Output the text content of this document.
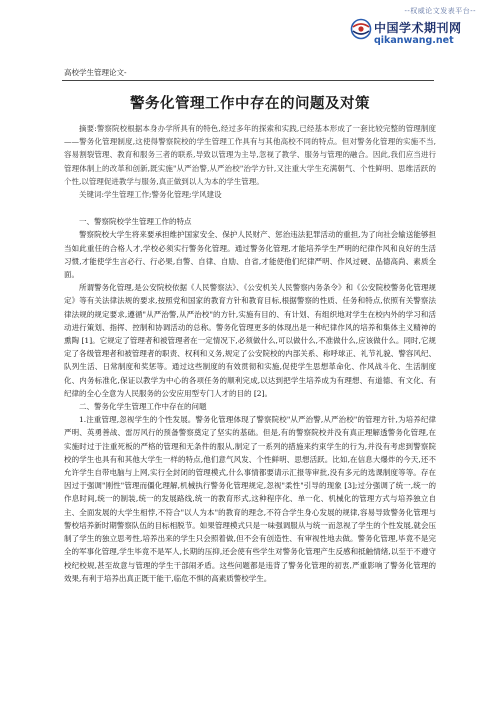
--权威论文发表平台--
中国学术期刊网
qikanwang.net
高校学生管理论文-
警务化管理工作中存在的问题及对策

摘要:警察院校根据本身办学所具有的特色,经过多年的探索和实践,已经基本形成了一套比较完整的管理制度——警务化管理制度,这使得警察院校的学生管理工作具有与其他高校不同的特点。但对警务化管理的实施不当,容易割裂管理、教育和服务三者的联系,导致以管理为主导,忽视了教学、服务与管理的融合。因此,我们应当进行管理体制上的改革和创新,既实施"从严治警,从严治校"治学方针,又注重大学生充满朝气、个性鲜明、思维活跃的个性,以管理促进教学与服务,真正做到以人为本的学生管理。

关键词:学生管理工作;警务化管理;学风建设

一、警察院校学生管理工作的特点

警察院校大学生将来要承担维护国家安全、保护人民财产、惩治违法犯罪活动的重担,为了向社会输送能够担当如此重任的合格人才,学校必须实行警务化管理。通过警务化管理,才能培养学生严明的纪律作风和良好的生活习惯,才能使学生言必行、行必果,自警、自律、自励、自省,才能使他们纪律严明、作风过硬、品德高尚、素质全面。

所谓警务化管理,是公安院校依据《人民警察法》、《公安机关人民警察内务条令》和《公安院校警务化管理规定》等有关法律法规的要求,按照党和国家的教育方针和教育目标,根据警察的性质、任务和特点,依照有关警察法律法规的规定要求,遵循"从严治警,从严治校"的方针,实施有目的、有计划、有组织地对学生在校内外的学习和活动进行策划、指挥、控制和协调活动的总称。警务化管理更多的体现出是一种纪律作风的培养和集体主义精神的熏陶 [1]。它规定了管理者和被管理者在一定情况下,必须做什么,可以做什么,不准做什么,应该做什么。同时,它规定了各级管理者和被管理者的职责、权利和义务,规定了公安院校的内部关系、称呼球正、礼节礼貌、警容风纪、队列生活、日常制度和奖惩等。通过这些制度的有效贯彻和实施,促使学生思想革命化、作风战斗化、生活制度化、内务标准化,保证以教学为中心的各项任务的顺利完成,以达到把学生培养成为有理想、有道德、有文化、有纪律的全心全意为人民服务的公安应用型专门人才的目的 [2]。

二、警务化学生管理工作中存在的问题

1.注重管理,忽视学生的个性发展。警务化管理体现了警察院校"从严治警,从严治校"的管理方针,为培养纪律严明、英勇善战、雷厉风行的预备警察奠定了坚实的基础。但是,有的警察院校并没有真正理解透警务化管理,在实施时过于注重死板的严格的管理和无条件的服从,制定了一系列的措施来约束学生的行为,并没有考虑到警察院校的学生也具有和其他大学生一样的特点,他们意气风发、个性鲜明、思想活跃。比如,在信息大爆炸的今天,还不允许学生自带电脑与上网,实行全封闭的管理模式,什么事情都要请示汇报等审批,没有多元的选课制度等等。存在因过于强调"刚性"管理而僵化理解,机械执行警务化管理规定,忽视"柔性"引导的现象 [3];过分强调了统一,统一的作息时间,统一的制装,统一的发展路线,统一的教育形式,这种程序化、单一化、机械化的管理方式与培养独立自主、全面发展的大学生相悖,不符合"以人为本"的教育的理念,不符合学生身心发展的规律,容易导致警务化管理与警校培养新时期警察队伍的目标相脱节。如果管理模式只是一味强调服从与统一而忽视了学生的个性发展,就会压制了学生的独立思考性,培养出来的学生只会照着做,但不会有创造性、有审视性地去做。警务化管理,毕竟不是完全的军事化管理,学生毕竟不是军人,长期的压抑,还会使有些学生对警务化管理产生反感和抵触情绪,以至于不遵守校纪校规,甚至故意与管理的学生干部闹矛盾。这些问题都是违背了警务化管理的初衷,严重影响了警务化管理的效果,有利于培养出真正既干能干,临危不惧的高素质警校学生。
